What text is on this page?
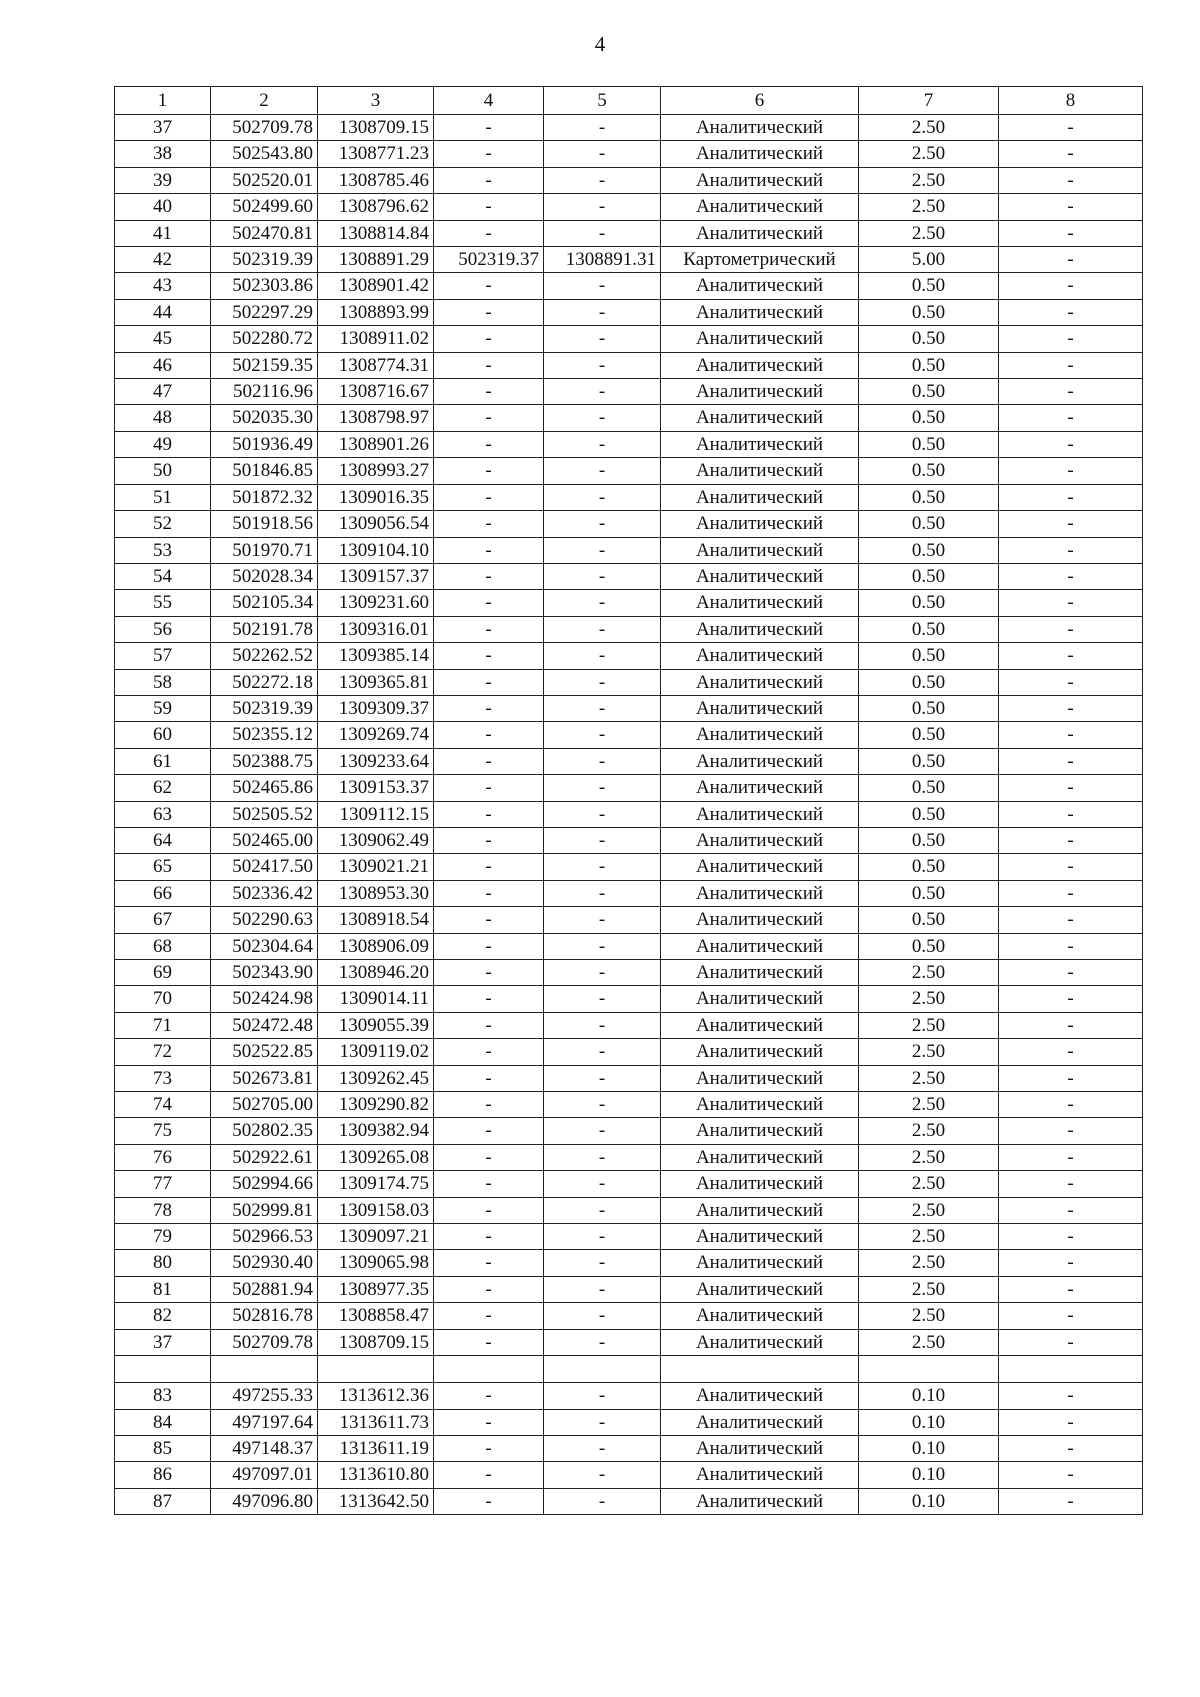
4
1	2	3	4	5	6	7	8
37	502709.78	1308709.15	-	-	Аналитический	2.50	-
38	502543.80	1308771.23	-	-	Аналитический	2.50	-
39	502520.01	1308785.46	-	-	Аналитический	2.50	-
40	502499.60	1308796.62	-	-	Аналитический	2.50	-
41	502470.81	1308814.84	-	-	Аналитический	2.50	-
42	502319.39	1308891.29	502319.37	1308891.31	Картометрический	5.00	-
43	502303.86	1308901.42	-	-	Аналитический	0.50	-
44	502297.29	1308893.99	-	-	Аналитический	0.50	-
45	502280.72	1308911.02	-	-	Аналитический	0.50	-
46	502159.35	1308774.31	-	-	Аналитический	0.50	-
47	502116.96	1308716.67	-	-	Аналитический	0.50	-
48	502035.30	1308798.97	-	-	Аналитический	0.50	-
49	501936.49	1308901.26	-	-	Аналитический	0.50	-
50	501846.85	1308993.27	-	-	Аналитический	0.50	-
51	501872.32	1309016.35	-	-	Аналитический	0.50	-
52	501918.56	1309056.54	-	-	Аналитический	0.50	-
53	501970.71	1309104.10	-	-	Аналитический	0.50	-
54	502028.34	1309157.37	-	-	Аналитический	0.50	-
55	502105.34	1309231.60	-	-	Аналитический	0.50	-
56	502191.78	1309316.01	-	-	Аналитический	0.50	-
57	502262.52	1309385.14	-	-	Аналитический	0.50	-
58	502272.18	1309365.81	-	-	Аналитический	0.50	-
59	502319.39	1309309.37	-	-	Аналитический	0.50	-
60	502355.12	1309269.74	-	-	Аналитический	0.50	-
61	502388.75	1309233.64	-	-	Аналитический	0.50	-
62	502465.86	1309153.37	-	-	Аналитический	0.50	-
63	502505.52	1309112.15	-	-	Аналитический	0.50	-
64	502465.00	1309062.49	-	-	Аналитический	0.50	-
65	502417.50	1309021.21	-	-	Аналитический	0.50	-
66	502336.42	1308953.30	-	-	Аналитический	0.50	-
67	502290.63	1308918.54	-	-	Аналитический	0.50	-
68	502304.64	1308906.09	-	-	Аналитический	0.50	-
69	502343.90	1308946.20	-	-	Аналитический	2.50	-
70	502424.98	1309014.11	-	-	Аналитический	2.50	-
71	502472.48	1309055.39	-	-	Аналитический	2.50	-
72	502522.85	1309119.02	-	-	Аналитический	2.50	-
73	502673.81	1309262.45	-	-	Аналитический	2.50	-
74	502705.00	1309290.82	-	-	Аналитический	2.50	-
75	502802.35	1309382.94	-	-	Аналитический	2.50	-
76	502922.61	1309265.08	-	-	Аналитический	2.50	-
77	502994.66	1309174.75	-	-	Аналитический	2.50	-
78	502999.81	1309158.03	-	-	Аналитический	2.50	-
79	502966.53	1309097.21	-	-	Аналитический	2.50	-
80	502930.40	1309065.98	-	-	Аналитический	2.50	-
81	502881.94	1308977.35	-	-	Аналитический	2.50	-
82	502816.78	1308858.47	-	-	Аналитический	2.50	-
37	502709.78	1308709.15	-	-	Аналитический	2.50	-

83	497255.33	1313612.36	-	-	Аналитический	0.10	-
84	497197.64	1313611.73	-	-	Аналитический	0.10	-
85	497148.37	1313611.19	-	-	Аналитический	0.10	-
86	497097.01	1313610.80	-	-	Аналитический	0.10	-
87	497096.80	1313642.50	-	-	Аналитический	0.10	-
